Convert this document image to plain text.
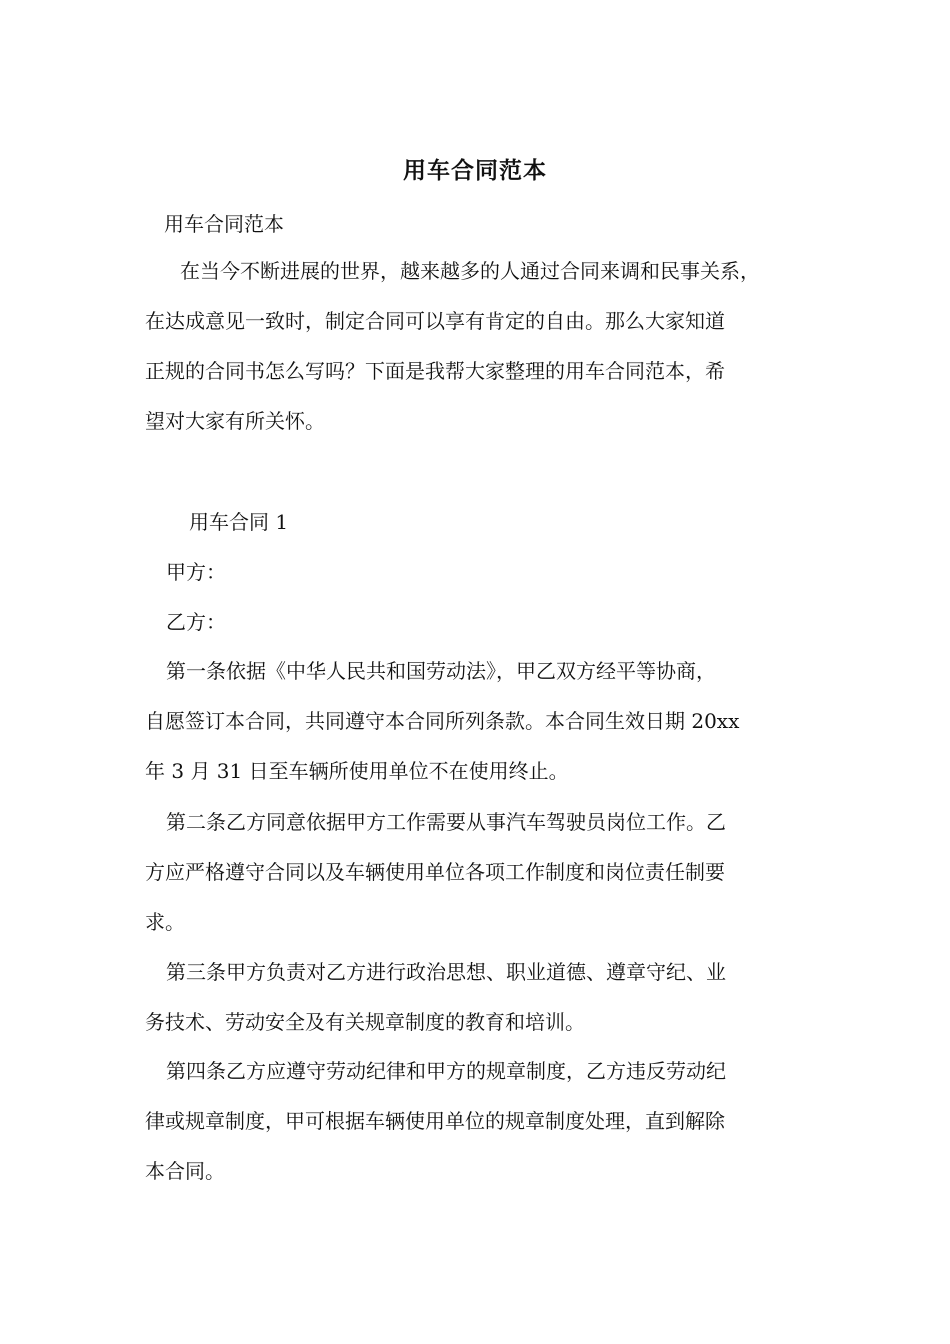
用车合同范本

用车合同范本

在当今不断进展的世界，越来越多的人通过合同来调和民事关系，
在达成意见一致时，制定合同可以享有肯定的自由。那么大家知道
正规的合同书怎么写吗？下面是我帮大家整理的用车合同范本，希
望对大家有所关怀。

用车合同 1

甲方：

乙方：

第一条依据《中华人民共和国劳动法》，甲乙双方经平等协商，
自愿签订本合同，共同遵守本合同所列条款。本合同生效日期 20xx
年 3 月 31 日至车辆所使用单位不在使用终止。
第二条乙方同意依据甲方工作需要从事汽车驾驶员岗位工作。乙
方应严格遵守合同以及车辆使用单位各项工作制度和岗位责任制要
求。
第三条甲方负责对乙方进行政治思想、职业道德、遵章守纪、业
务技术、劳动安全及有关规章制度的教育和培训。
第四条乙方应遵守劳动纪律和甲方的规章制度，乙方违反劳动纪
律或规章制度，甲可根据车辆使用单位的规章制度处理，直到解除
本合同。
